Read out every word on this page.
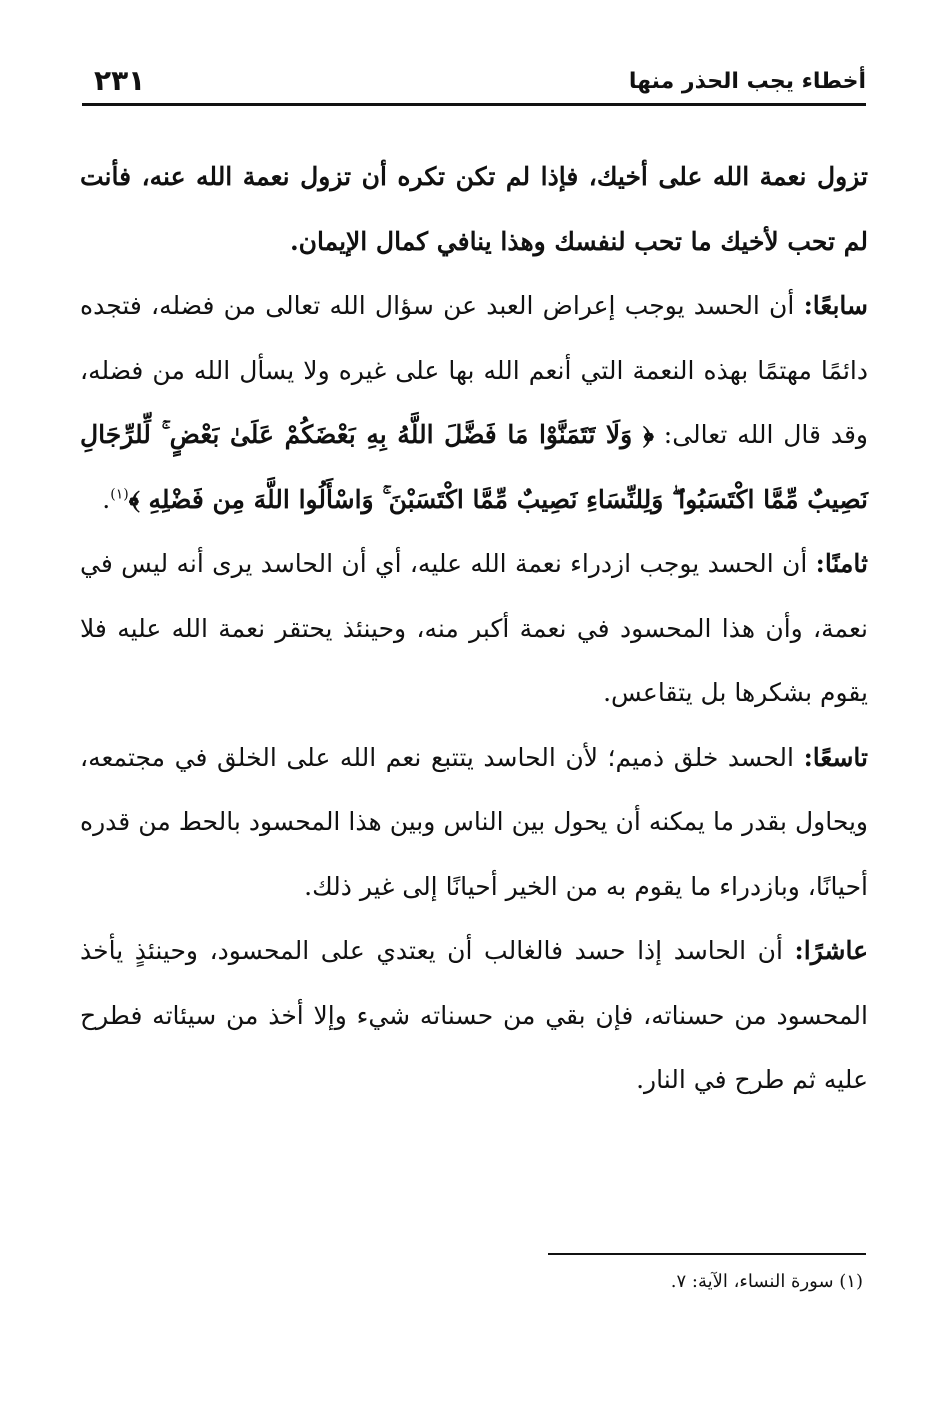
أخطاء يجب الحذر منها
٢٣١

تزول نعمة الله على أخيك، فإذا لم تكن تكره أن تزول نعمة الله عنه، فأنت لم تحب لأخيك ما تحب لنفسك وهذا ينافي كمال الإيمان.

سابعًا: أن الحسد يوجب إعراض العبد عن سؤال الله تعالى من فضله، فتجده دائمًا مهتمًا بهذه النعمة التي أنعم الله بها على غيره ولا يسأل الله من فضله، وقد قال الله تعالى: ﴿ وَلَا تَتَمَنَّوْا مَا فَضَّلَ اللَّهُ بِهِ بَعْضَكُمْ عَلَىٰ بَعْضٍ ۚ لِّلرِّجَالِ نَصِيبٌ مِّمَّا اكْتَسَبُوا ۖ وَلِلنِّسَاءِ نَصِيبٌ مِّمَّا اكْتَسَبْنَ ۚ وَاسْأَلُوا اللَّهَ مِن فَضْلِهِ ﴾$^{(١)}$.

ثامنًا: أن الحسد يوجب ازدراء نعمة الله عليه، أي أن الحاسد يرى أنه ليس في نعمة، وأن هذا المحسود في نعمة أكبر منه، وحينئذ يحتقر نعمة الله عليه فلا يقوم بشكرها بل يتقاعس.

تاسعًا: الحسد خلق ذميم؛ لأن الحاسد يتتبع نعم الله على الخلق في مجتمعه، ويحاول بقدر ما يمكنه أن يحول بين الناس وبين هذا المحسود بالحط من قدره أحيانًا، وبازدراء ما يقوم به من الخير أحيانًا إلى غير ذلك.

عاشرًا: أن الحاسد إذا حسد فالغالب أن يعتدي على المحسود، وحينئذٍ يأخذ المحسود من حسناته، فإن بقي من حسناته شيء وإلا أخذ من سيئاته فطرح عليه ثم طرح في النار.

(١) سورة النساء، الآية: ٧.
